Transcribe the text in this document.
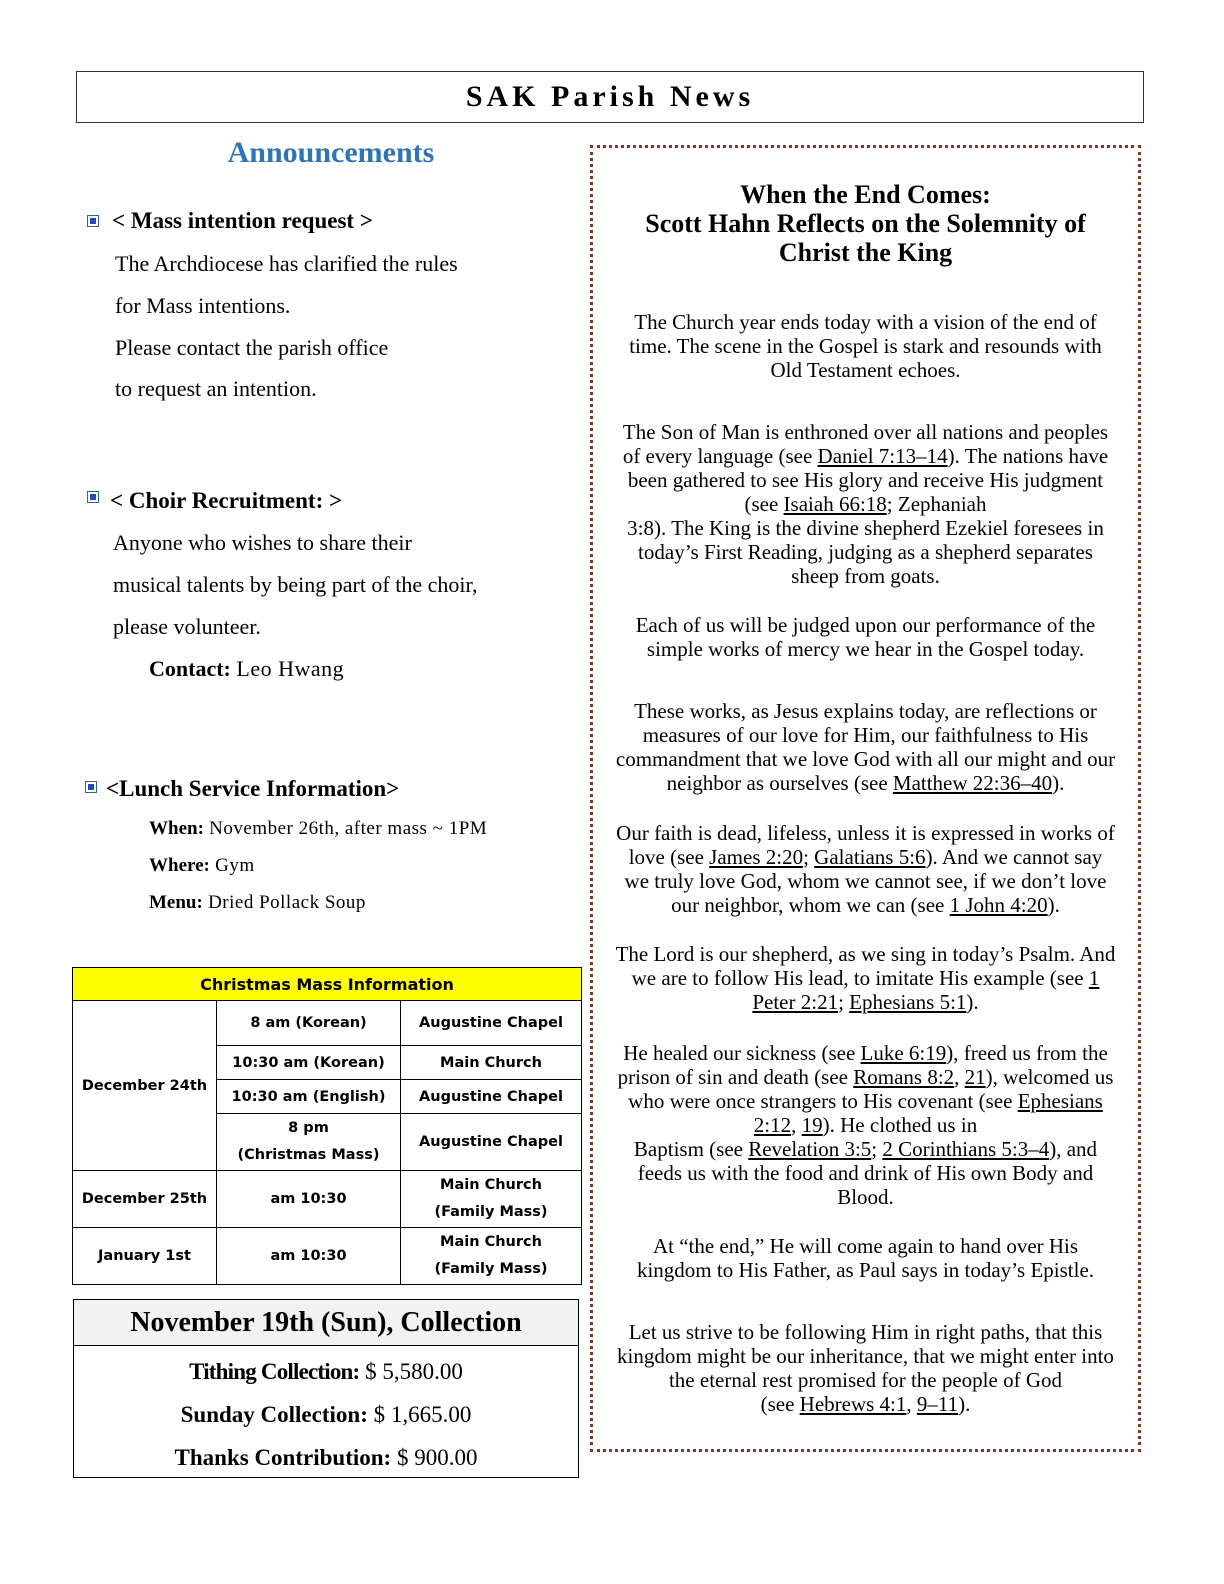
SAK Parish News
Announcements
< Mass intention request >
The Archdiocese has clarified the rules
for Mass intentions.
Please contact the parish office
to request an intention.
< Choir Recruitment: >
Anyone who wishes to share their
musical talents by being part of the choir,
please volunteer.
Contact: Leo Hwang
<Lunch Service Information>
When: November 26th, after mass ~ 1PM
Where: Gym
Menu: Dried Pollack Soup
Christmas Mass Information		
December 24th	8 am (Korean)	Augustine Chapel
	10:30 am (Korean)	Main Church
	10:30 am (English)	Augustine Chapel

	8 pm
(Christmas Mass)	Augustine Chapel
December 25th	am 10:30	Main Church
(Family Mass)

January 1st	am 10:30	Main Church
(Family Mass)
November 19th (Sun), Collection
Tithing Collection: $ 5,580.00
Sunday Collection: $ 1,665.00
Thanks Contribution: $ 900.00
When the End Comes:
Scott Hahn Reflects on the Solemnity of
Christ the King
The Church year ends today with a vision of the end of
time. The scene in the Gospel is stark and resounds with
Old Testament echoes.
The Son of Man is enthroned over all nations and peoples
of every language (see Daniel 7:13–14). The nations have
been gathered to see His glory and receive His judgment
(see Isaiah 66:18; Zephaniah
3:8). The King is the divine shepherd Ezekiel foresees in
today’s First Reading, judging as a shepherd separates
sheep from goats.
Each of us will be judged upon our performance of the
simple works of mercy we hear in the Gospel today.
These works, as Jesus explains today, are reflections or
measures of our love for Him, our faithfulness to His
commandment that we love God with all our might and our
neighbor as ourselves (see Matthew 22:36–40).
Our faith is dead, lifeless, unless it is expressed in works of
love (see James 2:20; Galatians 5:6). And we cannot say
we truly love God, whom we cannot see, if we don’t love
our neighbor, whom we can (see 1 John 4:20).
The Lord is our shepherd, as we sing in today’s Psalm. And
we are to follow His lead, to imitate His example (see 1
Peter 2:21; Ephesians 5:1).
He healed our sickness (see Luke 6:19), freed us from the
prison of sin and death (see Romans 8:2, 21), welcomed us
who were once strangers to His covenant (see Ephesians
2:12, 19). He clothed us in
Baptism (see Revelation 3:5; 2 Corinthians 5:3–4), and
feeds us with the food and drink of His own Body and
Blood.
At “the end,” He will come again to hand over His
kingdom to His Father, as Paul says in today’s Epistle.
Let us strive to be following Him in right paths, that this
kingdom might be our inheritance, that we might enter into
the eternal rest promised for the people of God
(see Hebrews 4:1, 9–11).
